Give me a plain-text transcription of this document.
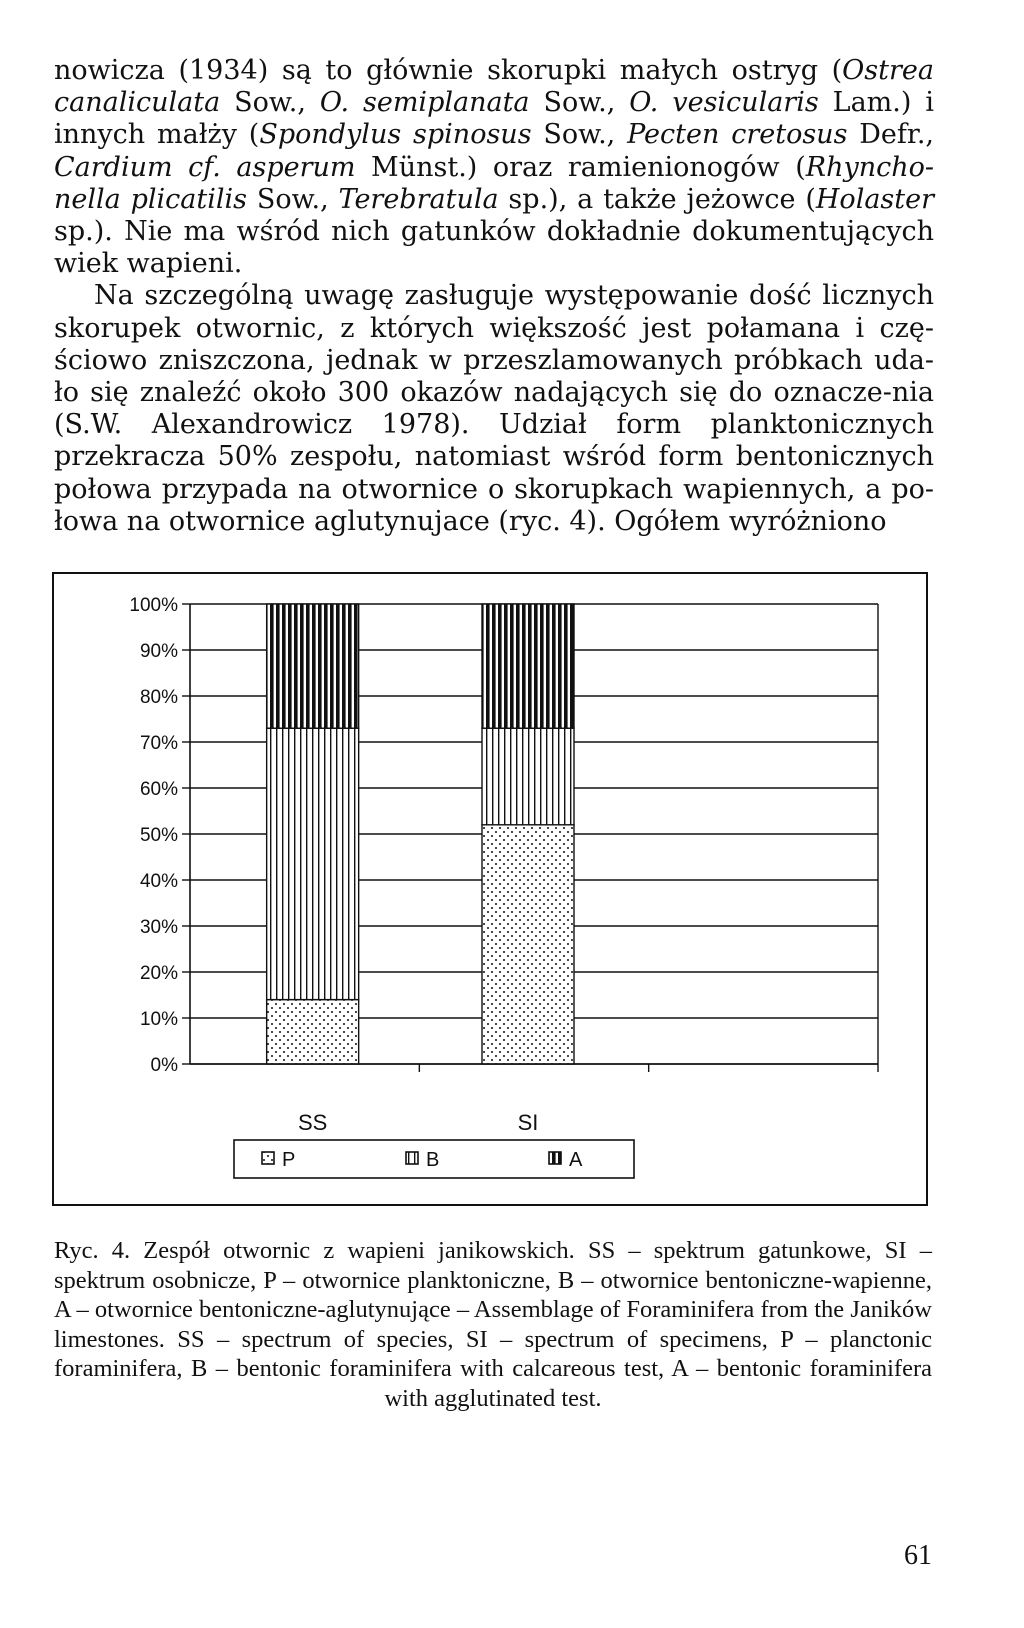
nowicza (1934) są to głównie skorupki małych ostryg (Ostrea canaliculata Sow., O. semiplanata Sow., O. vesicularis Lam.) i innych małży (Spondylus spinosus Sow., Pecten cretosus Defr., Cardium cf. asperum Münst.) oraz ramienionogów (Rhyncho- nella plicatilis Sow., Terebratula sp.), a także jeżowce (Holaster sp.). Nie ma wśród nich gatunków dokładnie dokumentujących wiek wapieni.

Na szczególną uwagę zasługuje występowanie dość licznych skorupek otwornic, z których większość jest połamana i czę-ściowo zniszczona, jednak w przeszlamowanych próbkach uda-ło się znaleźć około 300 okazów nadających się do oznacze-nia (S.W. Alexandrowicz 1978). Udział form planktonicznych przekracza 50% zespołu, natomiast wśród form bentonicznych połowa przypada na otwornice o skorupkach wapiennych, a po-łowa na otwornice aglutynujace (ryc. 4). Ogółem wyróżniono

0%
10%
20%
30%
40%
50%
60%
70%
80%
90%
100%
SS	SI
P	B	A

Ryc. 4. Zespół otwornic z wapieni janikowskich. SS – spektrum gatunkowe, SI – spektrum osobnicze, P – otwornice planktoniczne, B – otwornice bentoniczne-wapienne, A – otwornice bentoniczne-aglutynujące – Assemblage of Foraminifera from the Janików limestones. SS – spectrum of species, SI – spectrum of specimens, P – planctonic foraminifera, B – bentonic foraminifera with calcareous test, A – bentonic foraminifera with agglutinated test.

61
